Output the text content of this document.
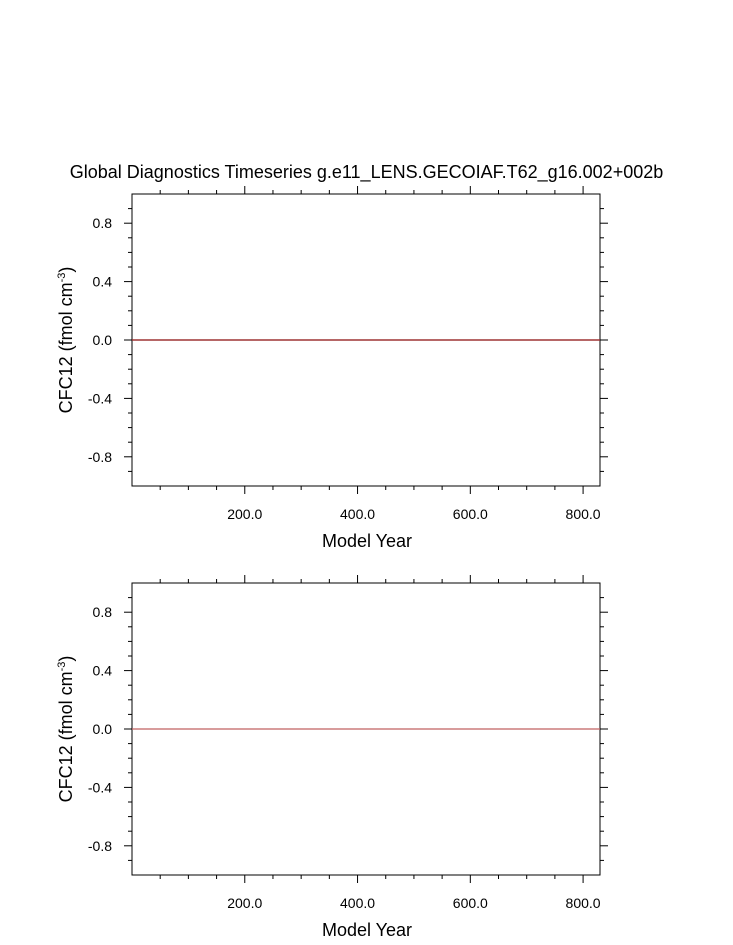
Global Diagnostics Timeseries g.e11_LENS.GECOIAF.T62_g16.002+002b
200.0	400.0	600.0	800.0
0.8
0.4
0.0
-0.4
-0.8
Model Year
CFC12 (fmol $cm^{-3}$)
200.0	400.0	600.0	800.0
0.8
0.4
0.0
-0.4
-0.8
Model Year
CFC12 (fmol $cm^{-3}$)
